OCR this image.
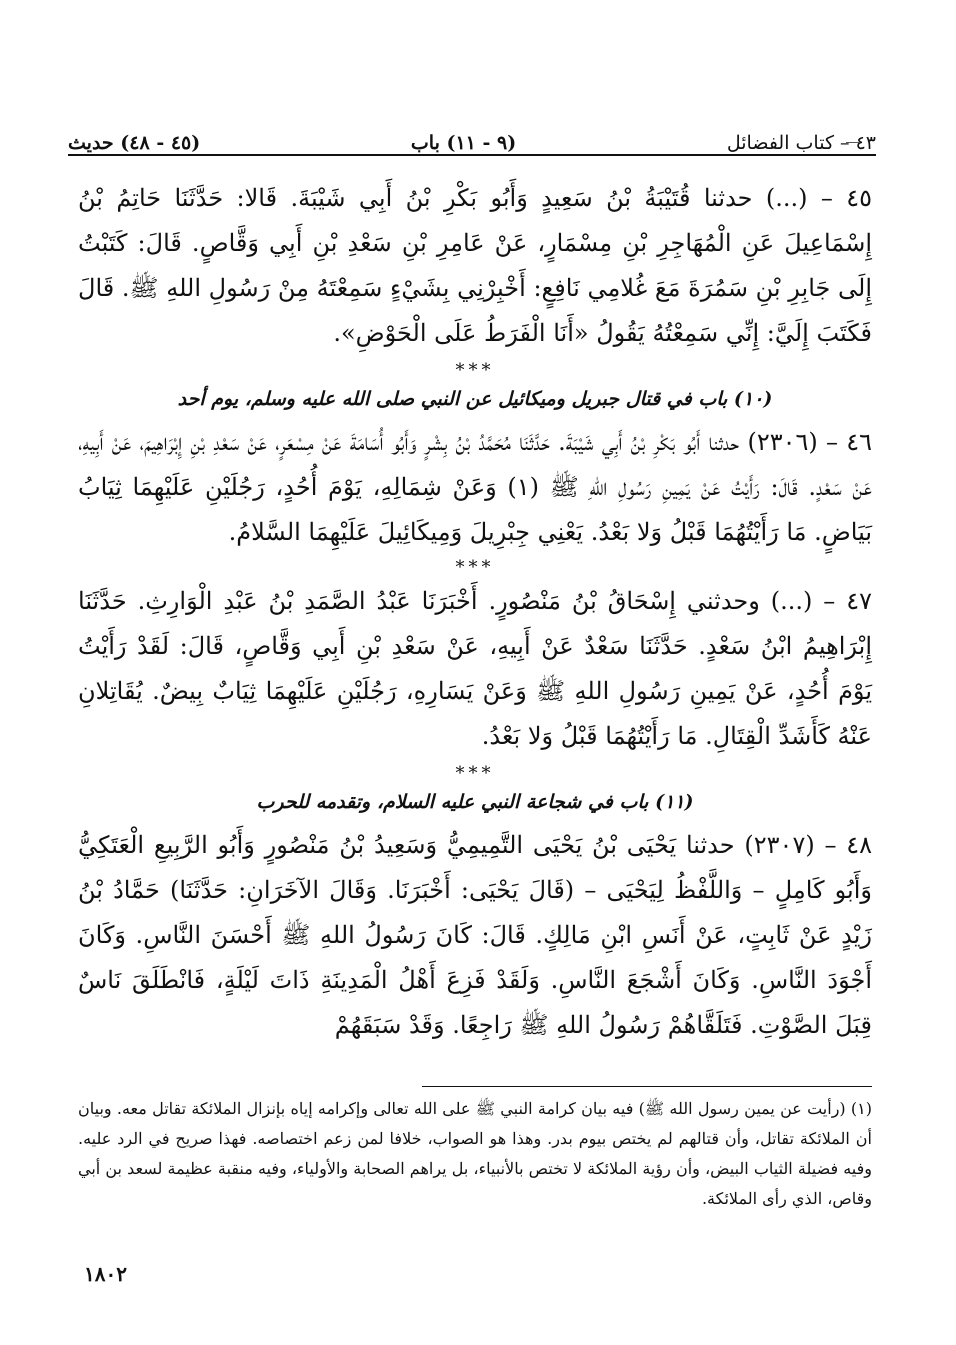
٤٣ – كتاب الفضائل
(٩ - ١١) باب
(٤٥ - ٤٨) حديث

٤٥ – (...) حدثنا قُتَيْبَةُ بْنُ سَعِيدٍ وَأَبُو بَكْرِ بْنُ أَبِي شَيْبَةَ. قَالا: حَدَّثَنَا حَاتِمُ بْنُ إِسْمَاعِيلَ عَنِ الْمُهَاجِرِ بْنِ مِسْمَارٍ، عَنْ عَامِرِ بْنِ سَعْدِ بْنِ أَبِي وَقَّاصٍ. قَالَ: كَتَبْتُ إِلَى جَابِرِ بْنِ سَمُرَةَ مَعَ غُلامِي نَافِعٍ: أَخْبِرْنِي بِشَيْءٍ سَمِعْتَهُ مِنْ رَسُولِ اللهِ ﷺ. قَالَ فَكَتَبَ إِلَيَّ: إِنِّي سَمِعْتُهُ يَقُولُ «أَنَا الْفَرَطُ عَلَى الْحَوْضِ».

***
(١٠) باب في قتال جبريل وميكائيل عن النبي صلى الله عليه وسلم، يوم أحد

٤٦ – (٢٣٠٦) حدثنا أَبُو بَكْرِ بْنُ أَبِي شَيْبَةَ. حَدَّثَنَا مُحَمَّدُ بْنُ بِشْرٍ وَأَبُو أُسَامَةَ عَنْ مِسْعَرٍ، عَنْ سَعْدِ بْنِ إِبْرَاهِيمَ، عَنْ أَبِيهِ، عَنْ سَعْدٍ. قَالَ: رَأَيْتُ عَنْ يَمِينِ رَسُولِ اللهِ ﷺ (١) وَعَنْ شِمَالِهِ، يَوْمَ أُحُدٍ، رَجُلَيْنِ عَلَيْهِمَا ثِيَابُ بَيَاضٍ. مَا رَأَيْتُهُمَا قَبْلُ وَلا بَعْدُ. يَعْنِي جِبْرِيلَ وَمِيكَائِيلَ عَلَيْهِمَا السَّلامُ.

***

٤٧ – (...) وحدثني إِسْحَاقُ بْنُ مَنْصُورٍ. أَخْبَرَنَا عَبْدُ الصَّمَدِ بْنُ عَبْدِ الْوَارِثِ. حَدَّثَنَا إِبْرَاهِيمُ ابْنُ سَعْدٍ. حَدَّثَنَا سَعْدٌ عَنْ أَبِيهِ، عَنْ سَعْدِ بْنِ أَبِي وَقَّاصٍ، قَالَ: لَقَدْ رَأَيْتُ يَوْمَ أُحُدٍ، عَنْ يَمِينِ رَسُولِ اللهِ ﷺ وَعَنْ يَسَارِهِ، رَجُلَيْنِ عَلَيْهِمَا ثِيَابٌ بِيضٌ. يُقَاتِلانِ عَنْهُ كَأَشَدِّ الْقِتَالِ. مَا رَأَيْتُهُمَا قَبْلُ وَلا بَعْدُ.

***
(١١) باب في شجاعة النبي عليه السلام، وتقدمه للحرب

٤٨ – (٢٣٠٧) حدثنا يَحْيَى بْنُ يَحْيَى التَّمِيمِيُّ وَسَعِيدُ بْنُ مَنْصُورٍ وَأَبُو الرَّبِيعِ الْعَتَكِيُّ وَأَبُو كَامِلٍ – وَاللَّفْظُ لِيَحْيَى – (قَالَ يَحْيَى: أَخْبَرَنَا. وَقَالَ الآخَرَانِ: حَدَّثَنَا) حَمَّادُ بْنُ زَيْدٍ عَنْ ثَابِتٍ، عَنْ أَنَسِ ابْنِ مَالِكٍ. قَالَ: كَانَ رَسُولُ اللهِ ﷺ أَحْسَنَ النَّاسِ. وَكَانَ أَجْوَدَ النَّاسِ. وَكَانَ أَشْجَعَ النَّاسِ. وَلَقَدْ فَزِعَ أَهْلُ الْمَدِينَةِ ذَاتَ لَيْلَةٍ، فَانْطَلَقَ نَاسٌ قِبَلَ الصَّوْتِ. فَتَلَقَّاهُمْ رَسُولُ اللهِ ﷺ رَاجِعًا. وَقَدْ سَبَقَهُمْ

(١) (رأيت عن يمين رسول الله ﷺ) فيه بيان كرامة النبي ﷺ على الله تعالى وإكرامه إياه بإنزال الملائكة تقاتل معه. وبيان أن الملائكة تقاتل، وأن قتالهم لم يختص بيوم بدر. وهذا هو الصواب، خلافا لمن زعم اختصاصه. فهذا صريح في الرد عليه. وفيه فضيلة الثياب البيض، وأن رؤية الملائكة لا تختص بالأنبياء، بل يراهم الصحابة والأولياء، وفيه منقبة عظيمة لسعد بن أبي وقاص، الذي رأى الملائكة.

١٨٠٢
